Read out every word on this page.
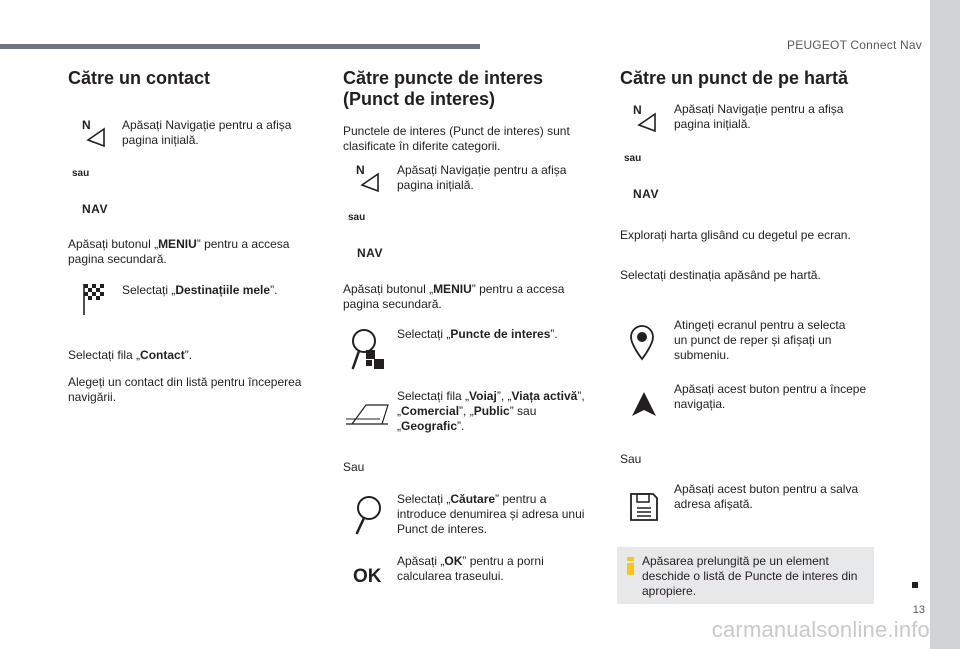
PEUGEOT Connect Nav
13
carmanualsonline.info
Către un contact
N	Apăsați Navigație pentru a afișa pagina inițială.
sau
NAV
Apăsați butonul „MENIU” pentru a accesa pagina secundară.
Selectați „Destinațiile mele”.
Selectați fila „Contact”.
Alegeți un contact din listă pentru începerea navigării.
Către puncte de interes
(Punct de interes)
Punctele de interes (Punct de interes) sunt clasificate în diferite categorii.
N	Apăsați Navigație pentru a afișa pagina inițială.
sau
NAV
Apăsați butonul „MENIU” pentru a accesa pagina secundară.
Selectați „Puncte de interes”.
Selectați fila „Voiaj”, „Viața activă”, „Comercial”, „Public” sau „Geografic”.
Sau
Selectați „Căutare” pentru a introduce denumirea și adresa unui Punct de interes.
OK
Apăsați „OK” pentru a porni calcularea traseului.
Către un punct de pe hartă
N	Apăsați Navigație pentru a afișa pagina inițială.
sau
NAV
Explorați harta glisând cu degetul pe ecran.
Selectați destinația apăsând pe hartă.
Atingeți ecranul pentru a selecta un punct de reper și afișați un submeniu.
Apăsați acest buton pentru a începe navigația.
Sau
Apăsați acest buton pentru a salva adresa afișată.
Apăsarea prelungită pe un element deschide o listă de Puncte de interes din apropiere.
